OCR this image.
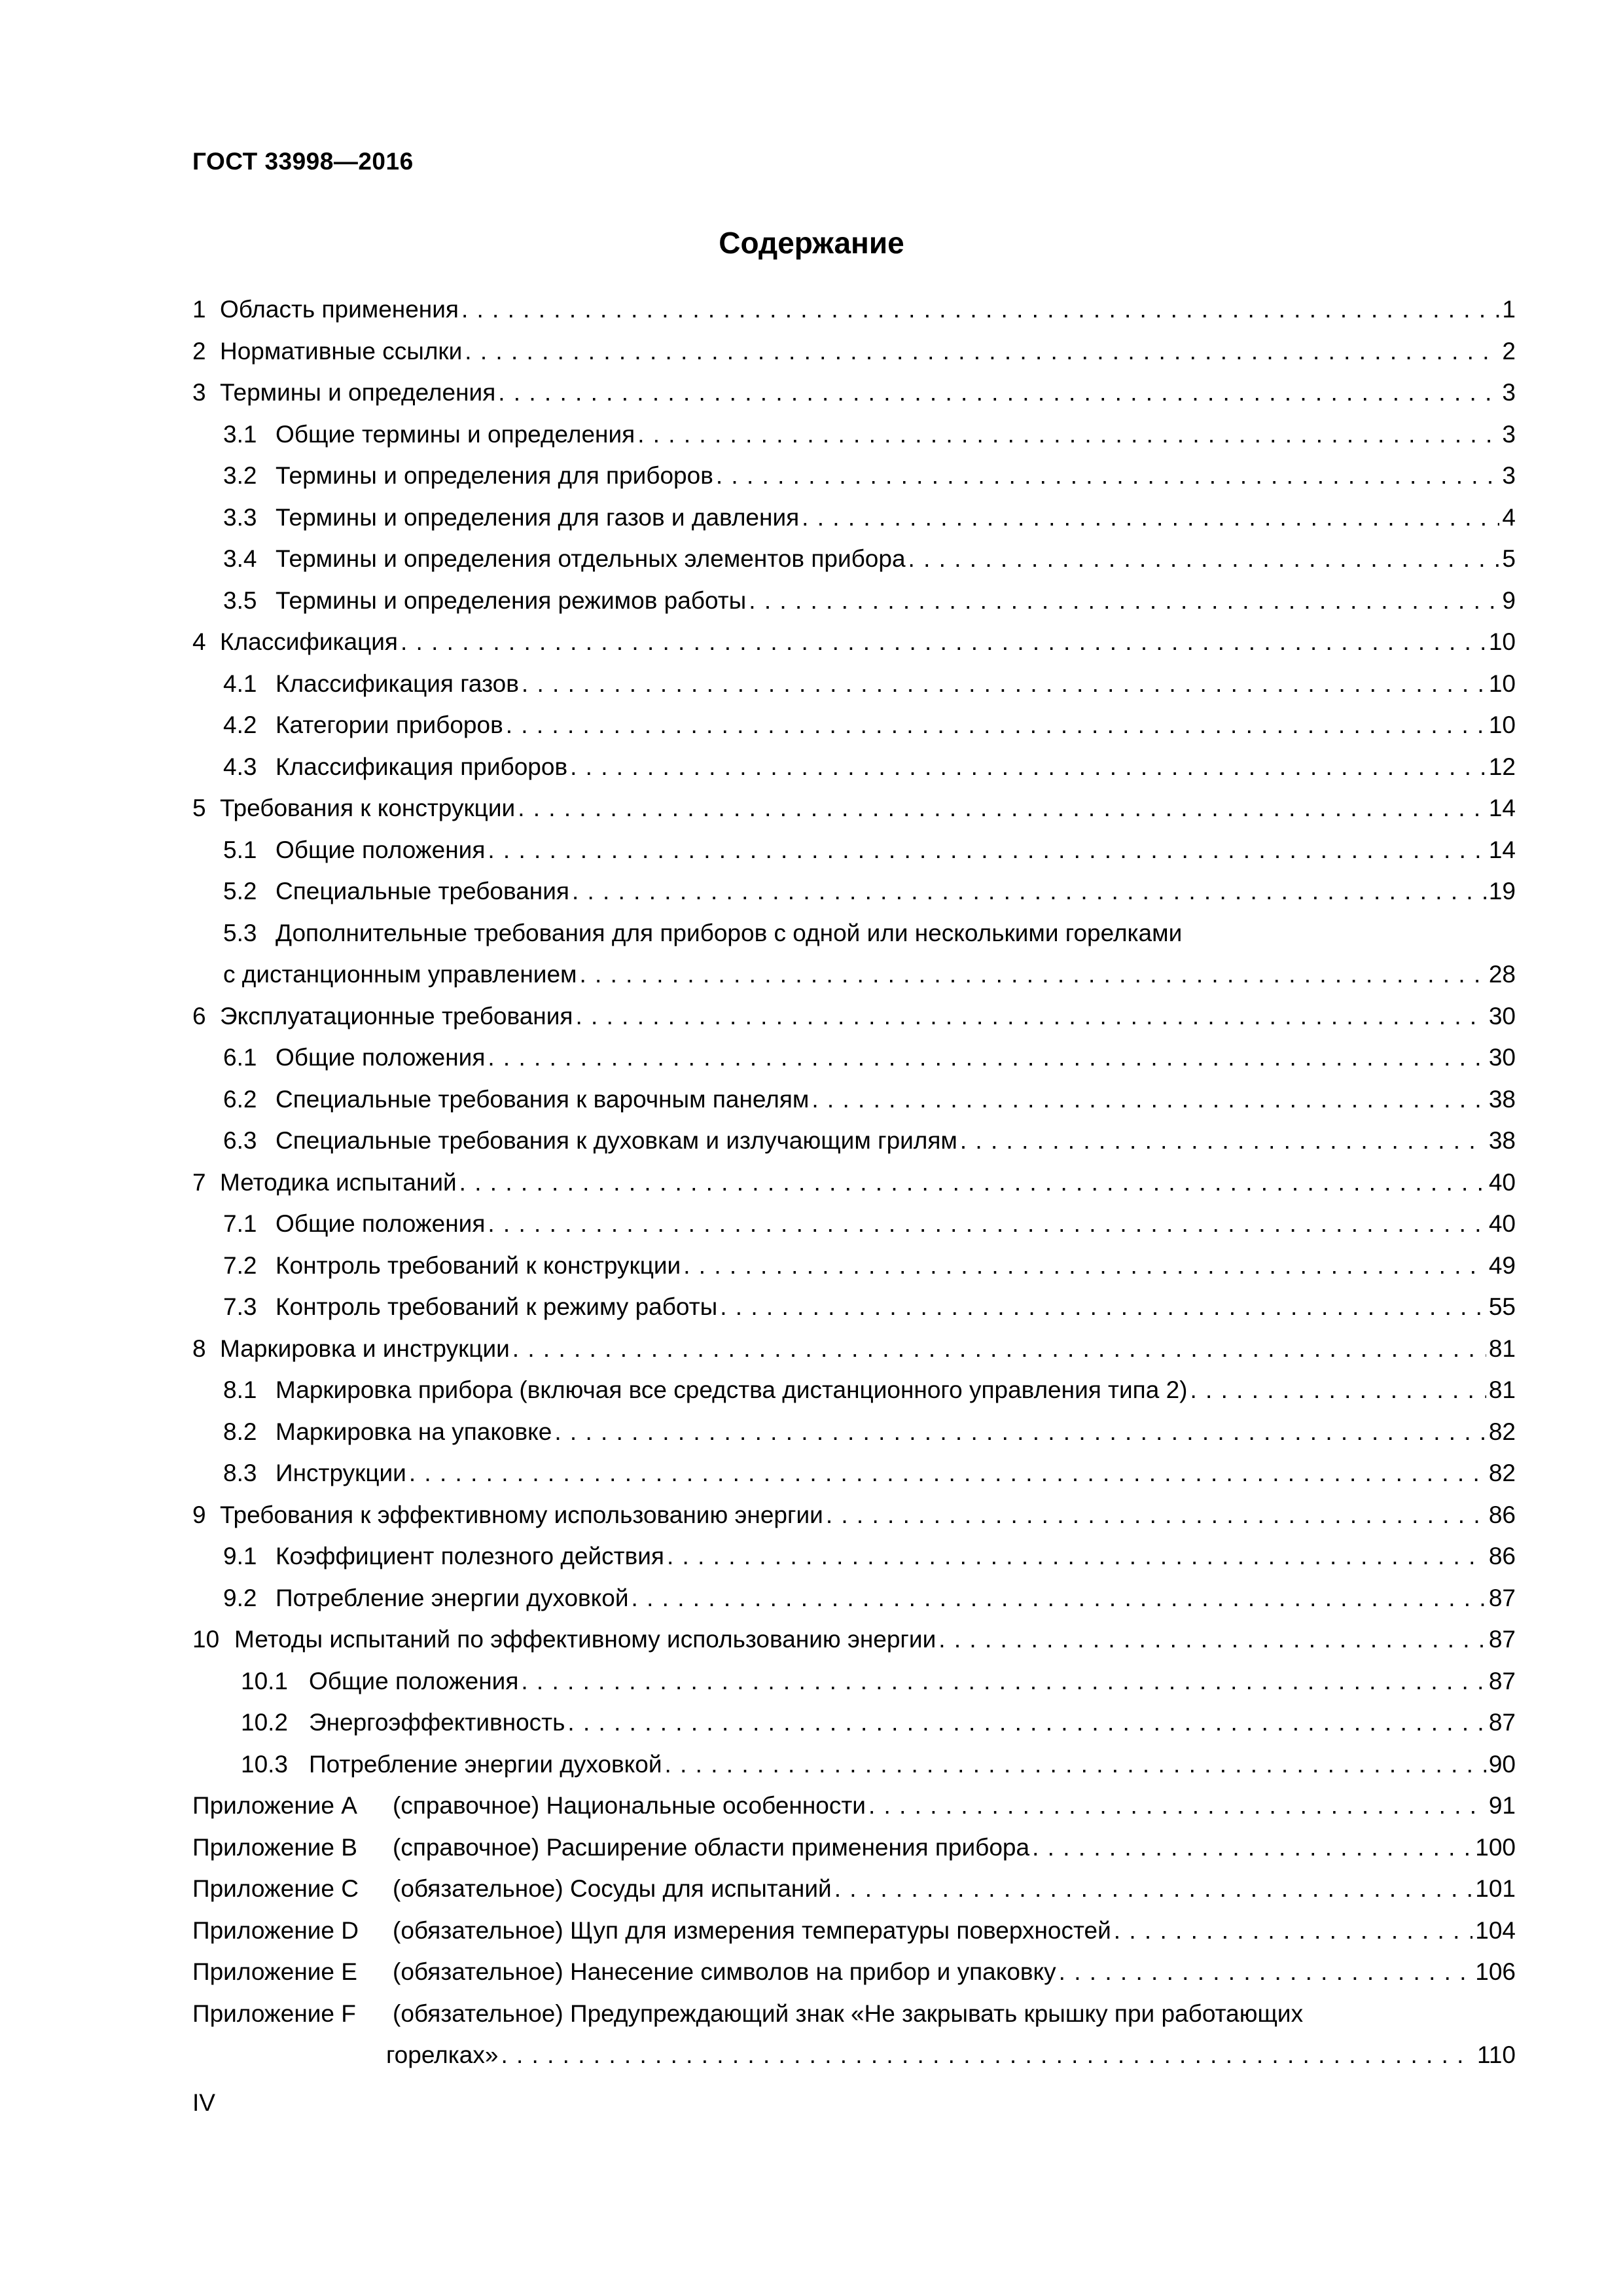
ГОСТ 33998—2016
Содержание
1 Область применения . . .	1
2 Нормативные ссылки . . .	2
3 Термины и определения . . .	3
3.1 Общие термины и определения . . .	3
3.2 Термины и определения для приборов . . .	3
3.3 Термины и определения для газов и давления . . .	4
3.4 Термины и определения отдельных элементов прибора . . .	5
3.5 Термины и определения режимов работы . . .	9
4 Классификация . . .	10
4.1 Классификация газов . . .	10
4.2 Категории приборов . . .	10
4.3 Классификация приборов . . .	12
5 Требования к конструкции . . .	14
5.1 Общие положения . . .	14
5.2 Специальные требования . . .	19
5.3 Дополнительные требования для приборов с одной или несколькими горелками
с дистанционным управлением . . .	28
6 Эксплуатационные требования . . .	30
6.1 Общие положения . . .	30
6.2 Специальные требования к варочным панелям . . .	38
6.3 Специальные требования к духовкам и излучающим грилям . . .	38
7 Методика испытаний . . .	40
7.1 Общие положения . . .	40
7.2 Контроль требований к конструкции . . .	49
7.3 Контроль требований к режиму работы . . .	55
8 Маркировка и инструкции . . .	81
8.1 Маркировка прибора (включая все средства дистанционного управления типа 2) . . .	81
8.2 Маркировка на упаковке . . .	82
8.3 Инструкции . . .	82
9 Требования к эффективному использованию энергии . . .	86
9.1 Коэффициент полезного действия . . .	86
9.2 Потребление энергии духовкой . . .	87
10 Методы испытаний по эффективному использованию энергии . . .	87
10.1 Общие положения . . .	87
10.2 Энергоэффективность . . .	87
10.3 Потребление энергии духовкой . . .	90
Приложение А	(справочное) Национальные особенности . . .	91
Приложение В	(справочное) Расширение области применения прибора . . .	100
Приложение С	(обязательное) Сосуды для испытаний . . .	101
Приложение D	(обязательное) Щуп для измерения температуры поверхностей . . .	104
Приложение Е	(обязательное) Нанесение символов на прибор и упаковку . . .	106
Приложение F	(обязательное) Предупреждающий знак «Не закрывать крышку при работающих
горелках» . . .	110
IV
